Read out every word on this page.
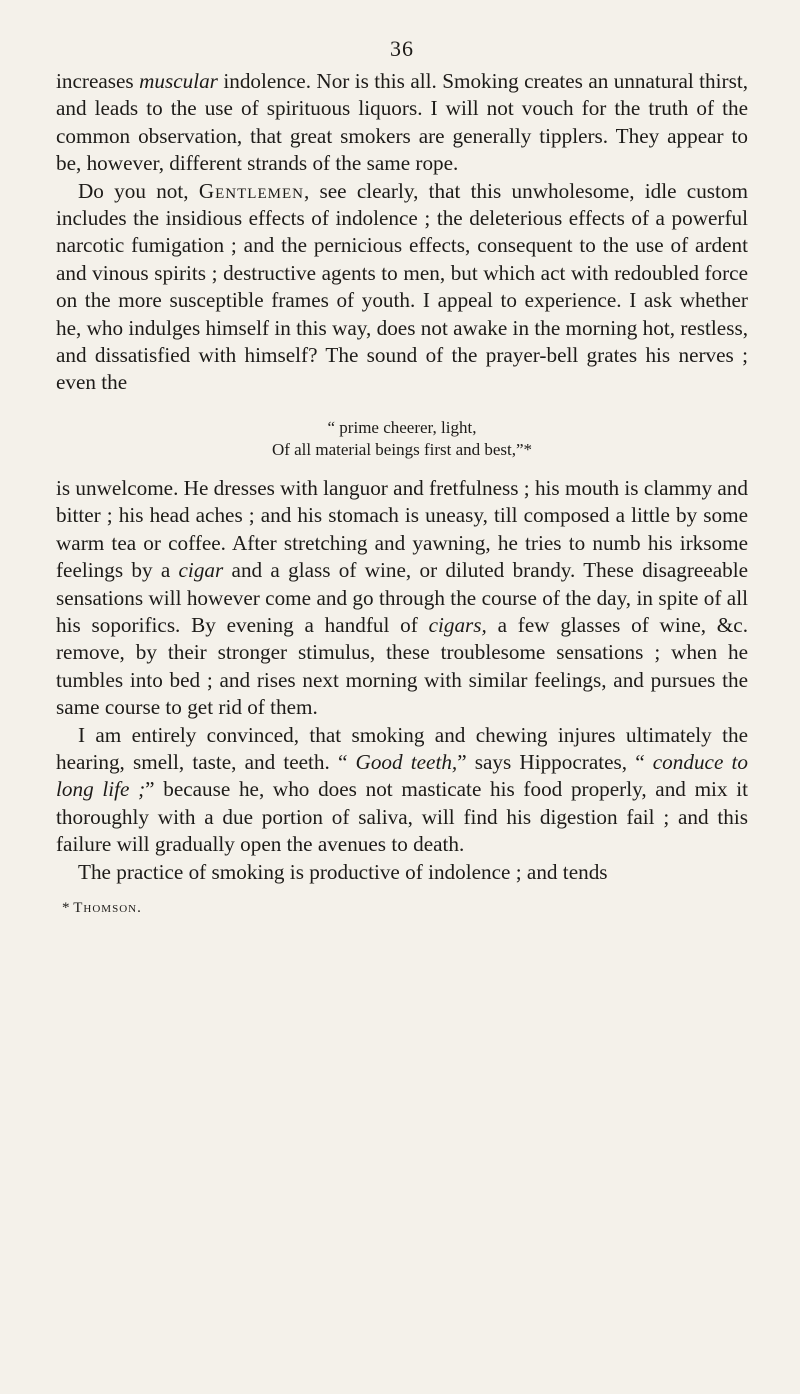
36

increases muscular indolence. Nor is this all. Smoking creates an unnatural thirst, and leads to the use of spirituous liquors. I will not vouch for the truth of the common observation, that great smokers are generally tipplers. They appear to be, however, different strands of the same rope.

Do you not, Gentlemen, see clearly, that this unwholesome, idle custom includes the insidious effects of indolence ; the deleterious effects of a powerful narcotic fumigation ; and the pernicious effects, consequent to the use of ardent and vinous spirits ; destructive agents to men, but which act with redoubled force on the more susceptible frames of youth. I appeal to experience. I ask whether he, who indulges himself in this way, does not awake in the morning hot, restless, and dissatisfied with himself? The sound of the prayer-bell grates his nerves ; even the

“ prime cheerer, light,
Of all material beings first and best,”*

is unwelcome. He dresses with languor and fretfulness ; his mouth is clammy and bitter ; his head aches ; and his stomach is uneasy, till composed a little by some warm tea or coffee. After stretching and yawning, he tries to numb his irksome feelings by a cigar and a glass of wine, or diluted brandy. These disagreeable sensations will however come and go through the course of the day, in spite of all his soporifics. By evening a handful of cigars, a few glasses of wine, &c. remove, by their stronger stimulus, these troublesome sensations ; when he tumbles into bed ; and rises next morning with similar feelings, and pursues the same course to get rid of them.

I am entirely convinced, that smoking and chewing injures ultimately the hearing, smell, taste, and teeth. “ Good teeth,” says Hippocrates, “ conduce to long life ;” because he, who does not masticate his food properly, and mix it thoroughly with a due portion of saliva, will find his digestion fail ; and this failure will gradually open the avenues to death.

The practice of smoking is productive of indolence ; and tends

* Thomson.
